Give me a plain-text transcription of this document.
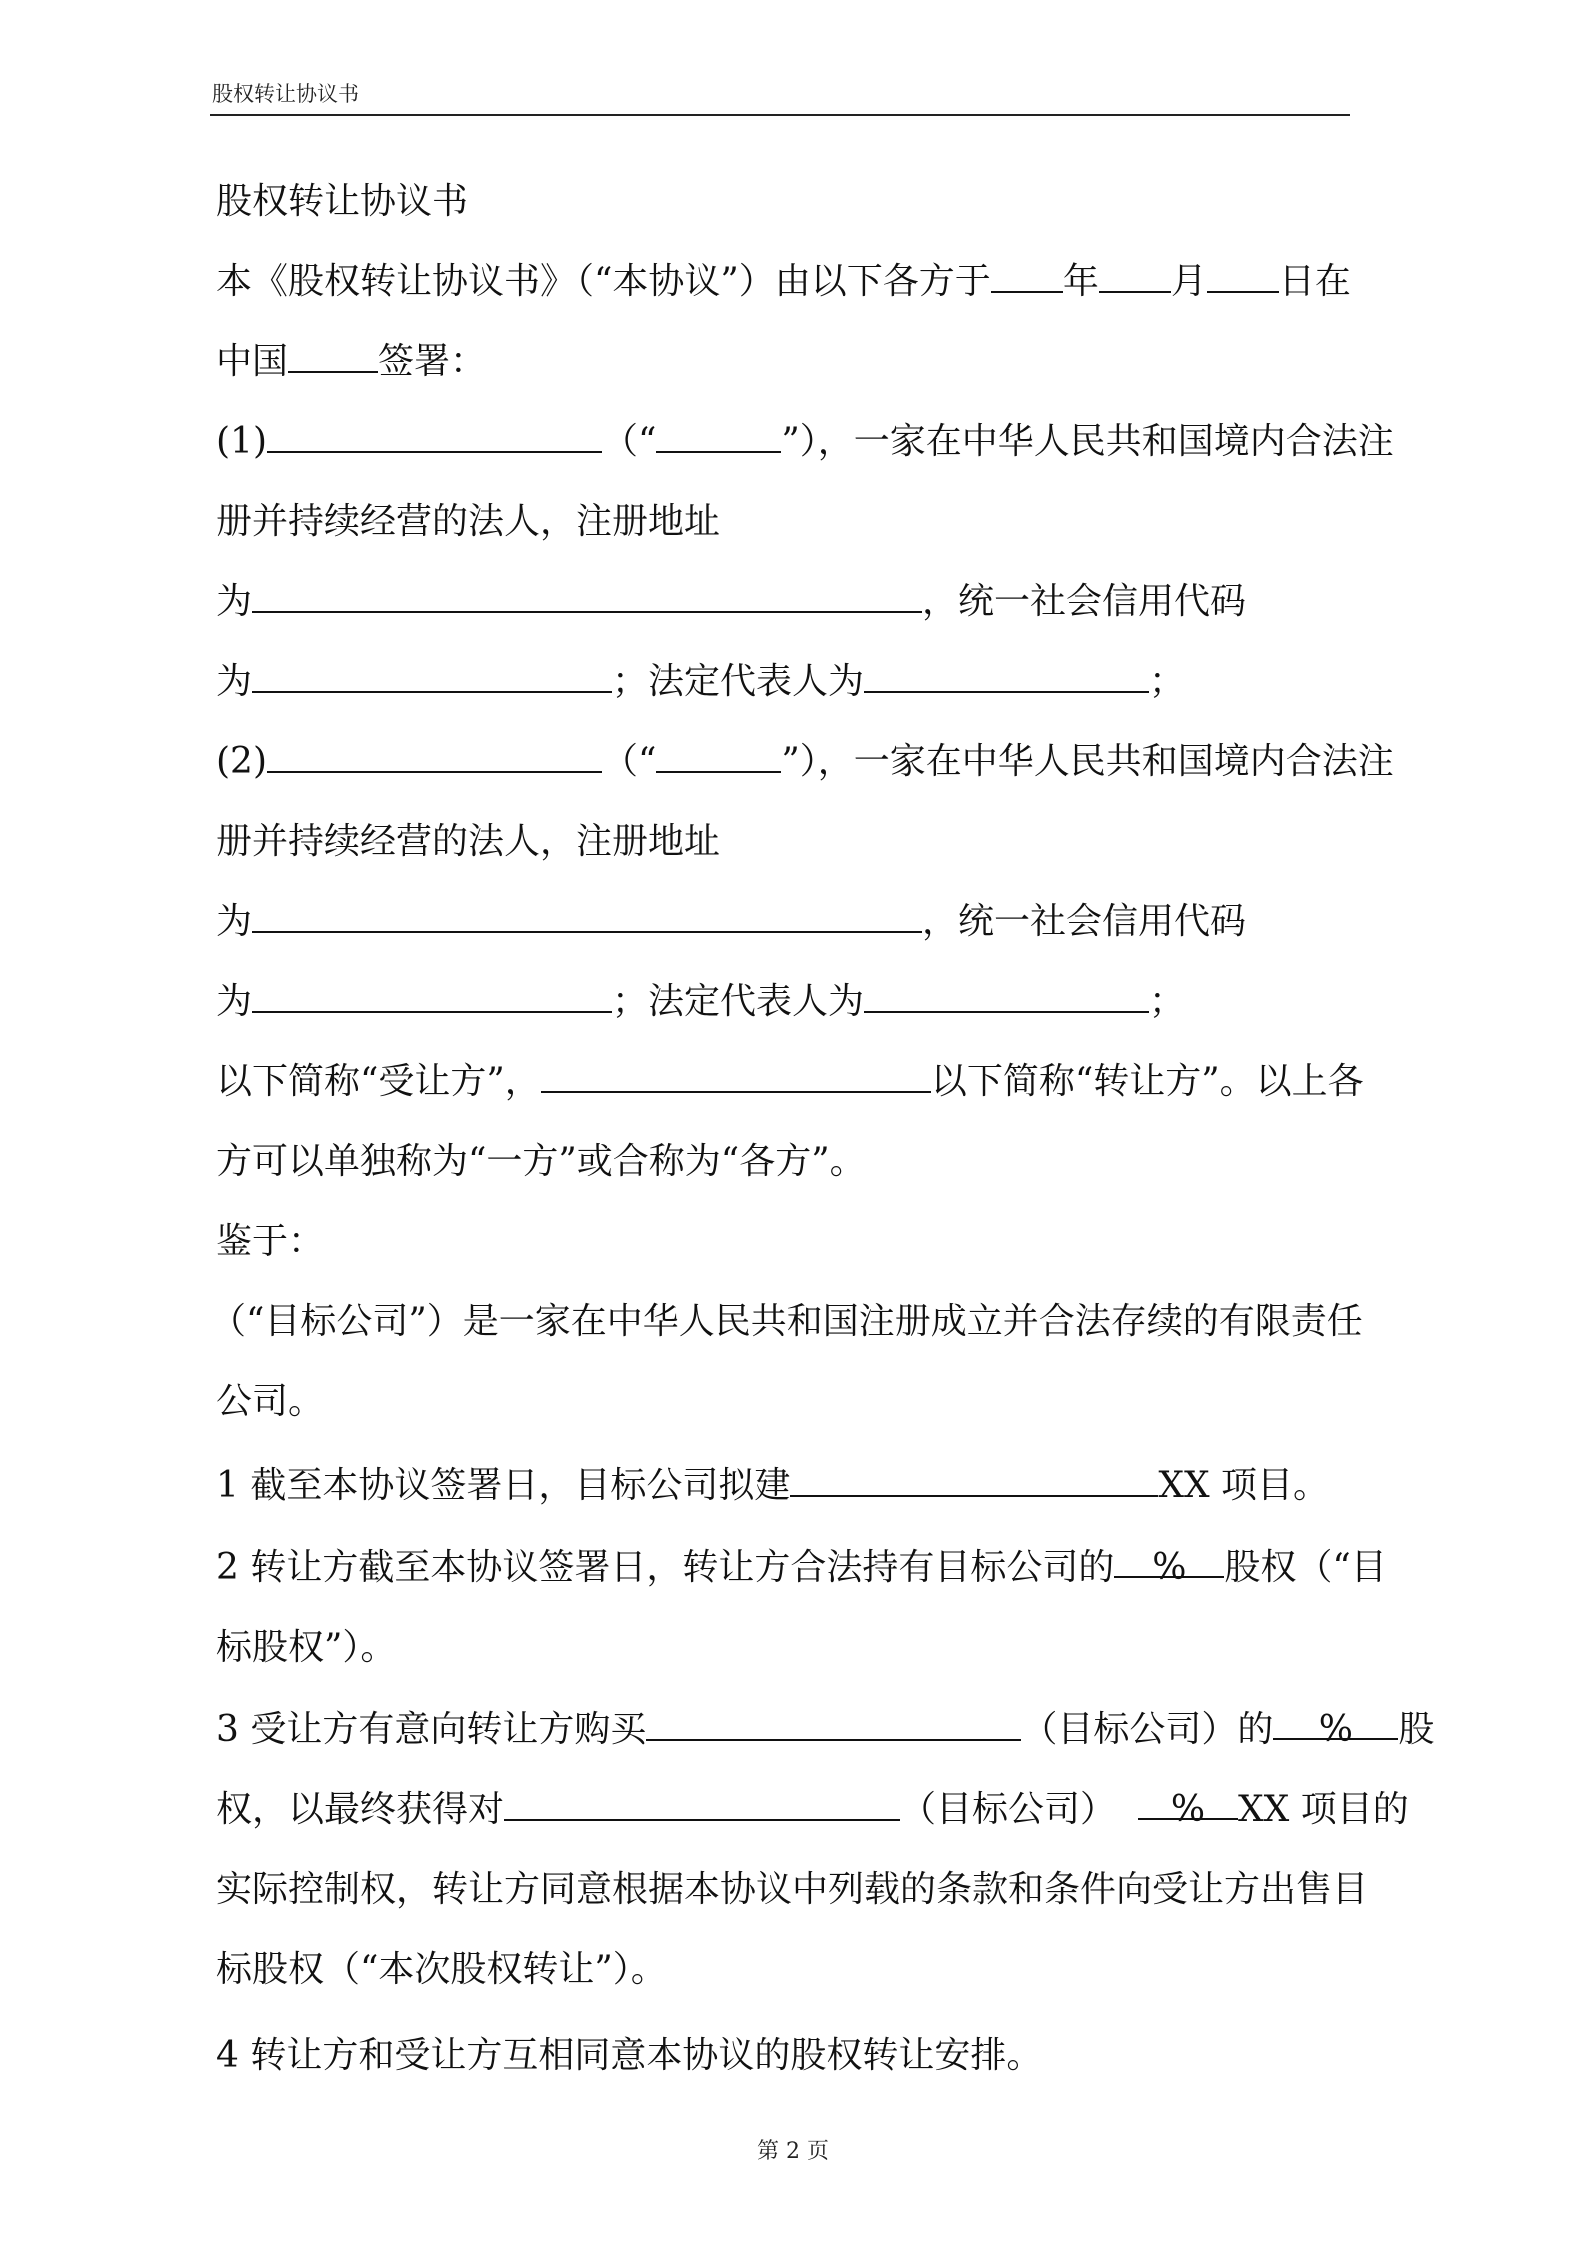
股权转让协议书
股权转让协议书
本《股权转让协议书》（“本协议”）由以下各方于 年 月 日在
中国	签署：
(1)	（“	”），一家在中华人民共和国境内合法注
册并持续经营的法人，注册地址
为	，统一社会信用代码
为	；法定代表人为	；
(2)	（“	”），一家在中华人民共和国境内合法注
册并持续经营的法人，注册地址
为	，统一社会信用代码
为	；法定代表人为	；
以下简称“受让方”，	以下简称“转让方”。以上各
方可以单独称为“一方”或合称为“各方”。
鉴于：
（“目标公司”）是一家在中华人民共和国注册成立并合法存续的有限责任
公司。
1 截至本协议签署日，目标公司拟建	XX 项目。
2 转让方截至本协议签署日，转让方合法持有目标公司的 % 股权（“目
标股权”）。
3 受让方有意向转让方购买	（目标公司）的 % 股
权，以最终获得对	（目标公司） % XX 项目的
实际控制权，转让方同意根据本协议中列载的条款和条件向受让方出售目
标股权（“本次股权转让”）。
4 转让方和受让方互相同意本协议的股权转让安排。
第 2 页
